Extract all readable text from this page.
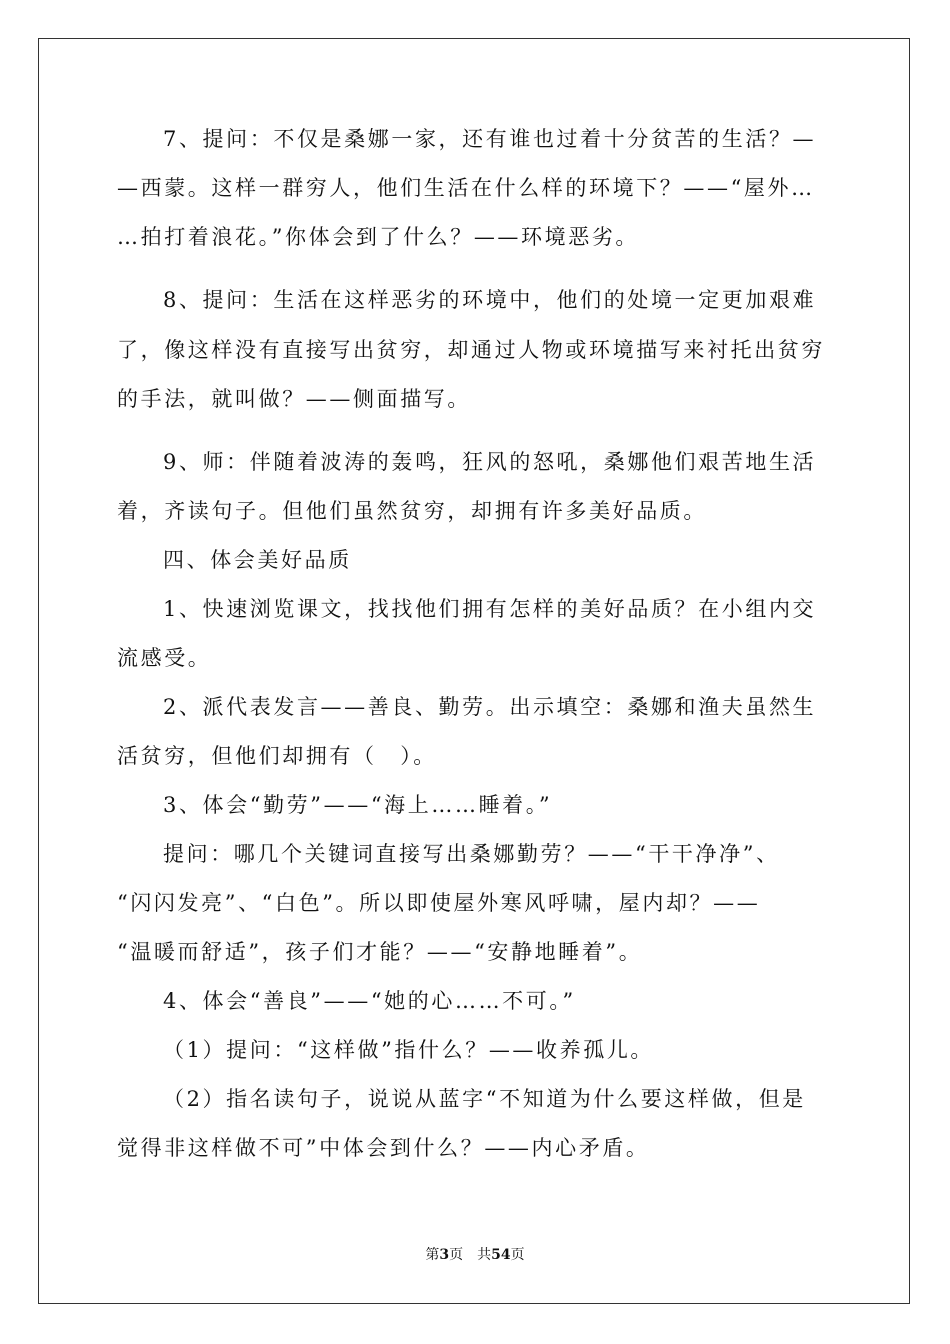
7、提问：不仅是桑娜一家，还有谁也过着十分贫苦的生活？—
—西蒙。这样一群穷人，他们生活在什么样的环境下？——“屋外…
…拍打着浪花。”你体会到了什么？——环境恶劣。
8、提问：生活在这样恶劣的环境中，他们的处境一定更加艰难
了，像这样没有直接写出贫穷，却通过人物或环境描写来衬托出贫穷
的手法，就叫做？——侧面描写。
9、师：伴随着波涛的轰鸣，狂风的怒吼，桑娜他们艰苦地生活
着，齐读句子。但他们虽然贫穷，却拥有许多美好品质。
四、体会美好品质
1、快速浏览课文，找找他们拥有怎样的美好品质？在小组内交
流感受。
2、派代表发言——善良、勤劳。出示填空：桑娜和渔夫虽然生
活贫穷，但他们却拥有（　）。
3、体会“勤劳”——“海上……睡着。”
提问：哪几个关键词直接写出桑娜勤劳？——“干干净净”、
“闪闪发亮”、“白色”。所以即使屋外寒风呼啸，屋内却？——
“温暖而舒适”，孩子们才能？——“安静地睡着”。
4、体会“善良”——“她的心……不可。”
（1）提问：“这样做”指什么？——收养孤儿。
（2）指名读句子，说说从蓝字“不知道为什么要这样做，但是
觉得非这样做不可”中体会到什么？——内心矛盾。
第3页 共54页
